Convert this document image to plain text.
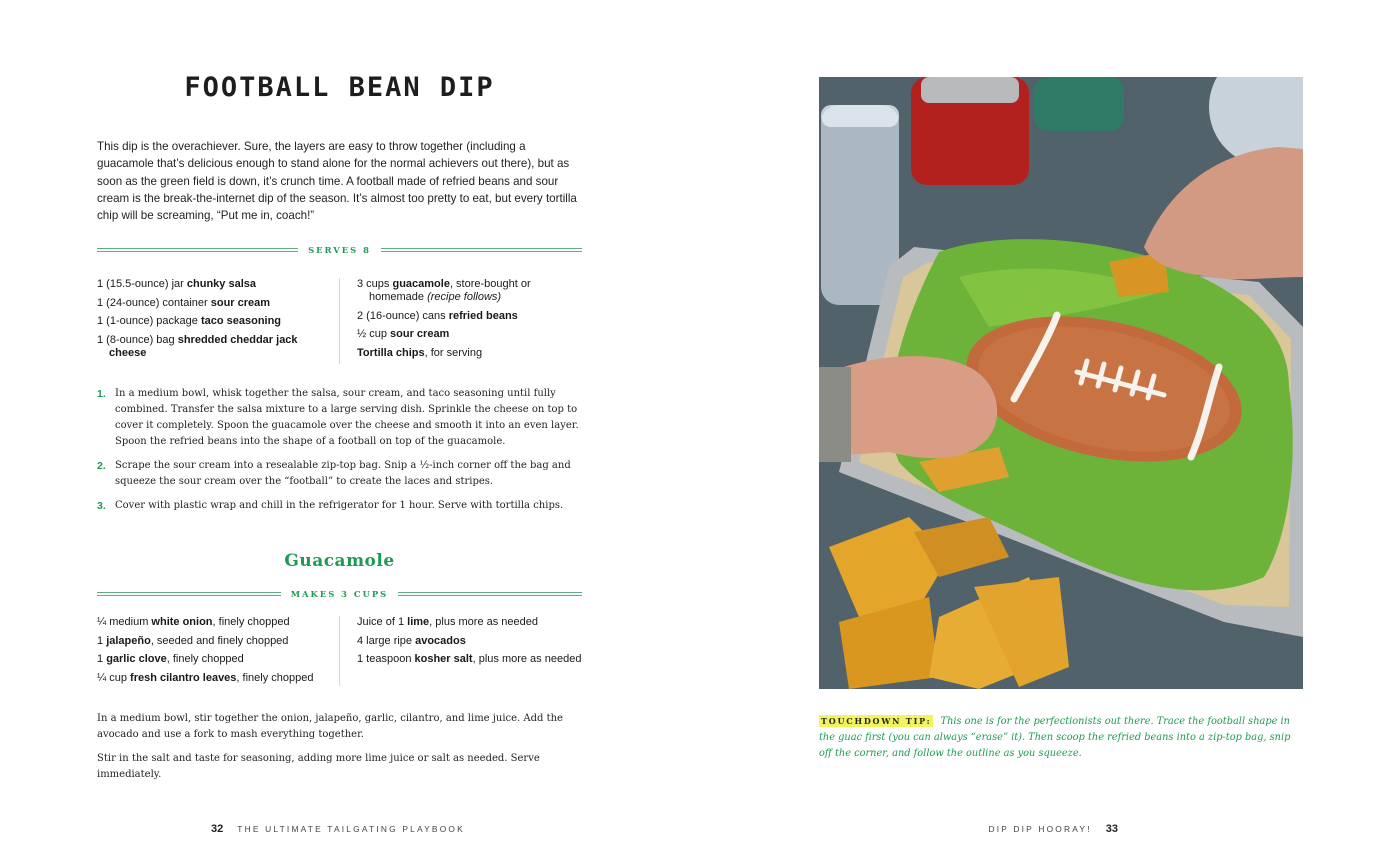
FOOTBALL BEAN DIP

This dip is the overachiever. Sure, the layers are easy to throw together (including a guacamole that’s delicious enough to stand alone for the normal achievers out there), but as soon as the green field is down, it’s crunch time. A football made of refried beans and sour cream is the break-the-internet dip of the season. It’s almost too pretty to eat, but every tortilla chip will be screaming, “Put me in, coach!”

SERVES 8
1 (15.5-ounce) jar chunky salsa
1 (24-ounce) container sour cream
1 (1-ounce) package taco seasoning
1 (8-ounce) bag shredded cheddar jack cheese
3 cups guacamole, store-bought or homemade (recipe follows)
2 (16-ounce) cans refried beans
½ cup sour cream
Tortilla chips, for serving
1. In a medium bowl, whisk together the salsa, sour cream, and taco seasoning until fully combined. Transfer the salsa mixture to a large serving dish. Sprinkle the cheese on top to cover it completely. Spoon the guacamole over the cheese and smooth it into an even layer. Spoon the refried beans into the shape of a football on top of the guacamole.
2. Scrape the sour cream into a resealable zip-top bag. Snip a ½-inch corner off the bag and squeeze the sour cream over the “football” to create the laces and stripes.
3. Cover with plastic wrap and chill in the refrigerator for 1 hour. Serve with tortilla chips.
Guacamole
MAKES 3 CUPS
¼ medium white onion, finely chopped
1 jalapeño, seeded and finely chopped
1 garlic clove, finely chopped
¼ cup fresh cilantro leaves, finely chopped
Juice of 1 lime, plus more as needed
4 large ripe avocados
1 teaspoon kosher salt, plus more as needed

In a medium bowl, stir together the onion, jalapeño, garlic, cilantro, and lime juice. Add the avocado and use a fork to mash everything together.

Stir in the salt and taste for seasoning, adding more lime juice or salt as needed. Serve immediately.

32 THE ULTIMATE TAILGATING PLAYBOOK

TOUCHDOWN TIP: This one is for the perfectionists out there. Trace the football shape in the guac first (you can always “erase” it). Then scoop the refried beans into a zip-top bag, snip off the corner, and follow the outline as you squeeze.

DIP DIP HOORAY! 33
